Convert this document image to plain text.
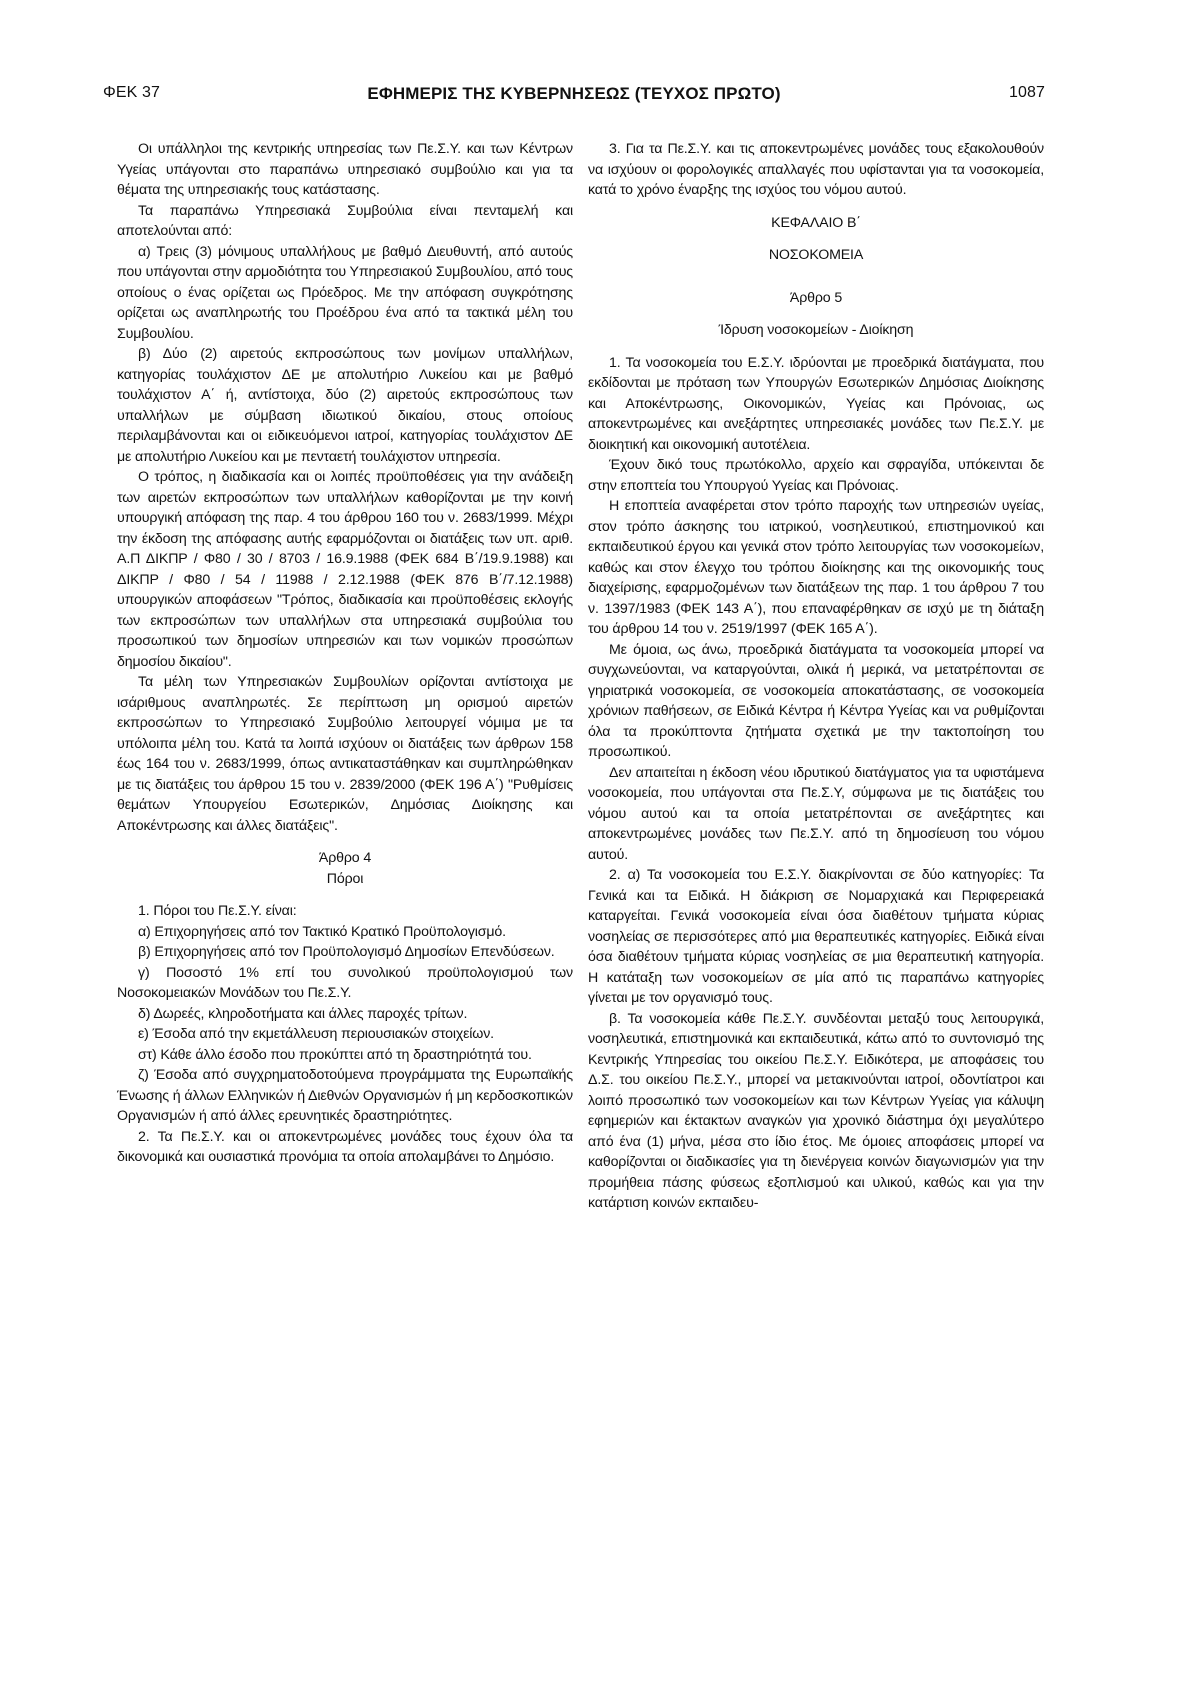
ΦΕΚ 37	ΕΦΗΜΕΡΙΣ ΤΗΣ ΚΥΒΕΡΝΗΣΕΩΣ (ΤΕΥΧΟΣ ΠΡΩΤΟ)	1087

Οι υπάλληλοι της κεντρικής υπηρεσίας των Πε.Σ.Υ. και των Κέντρων Υγείας υπάγονται στο παραπάνω υπηρεσιακό συμβούλιο και για τα θέματα της υπηρεσιακής τους κατάστασης.

Τα παραπάνω Υπηρεσιακά Συμβούλια είναι πενταμελή και αποτελούνται από:

α) Τρεις (3) μόνιμους υπαλλήλους με βαθμό Διευθυντή, από αυτούς που υπάγονται στην αρμοδιότητα του Υπηρεσιακού Συμβουλίου, από τους οποίους ο ένας ορίζεται ως Πρόεδρος. Με την απόφαση συγκρότησης ορίζεται ως αναπληρωτής του Προέδρου ένα από τα τακτικά μέλη του Συμβουλίου.

β) Δύο (2) αιρετούς εκπροσώπους των μονίμων υπαλλήλων, κατηγορίας τουλάχιστον ΔΕ με απολυτήριο Λυκείου και με βαθμό τουλάχιστον Α΄ ή, αντίστοιχα, δύο (2) αιρετούς εκπροσώπους των υπαλλήλων με σύμβαση ιδιωτικού δικαίου, στους οποίους περιλαμβάνονται και οι ειδικευόμενοι ιατροί, κατηγορίας τουλάχιστον ΔΕ με απολυτήριο Λυκείου και με πενταετή τουλάχιστον υπηρεσία.

Ο τρόπος, η διαδικασία και οι λοιπές προϋποθέσεις για την ανάδειξη των αιρετών εκπροσώπων των υπαλλήλων καθορίζονται με την κοινή υπουργική απόφαση της παρ. 4 του άρθρου 160 του ν. 2683/1999. Μέχρι την έκδοση της απόφασης αυτής εφαρμόζονται οι διατάξεις των υπ. αριθ. Α.Π ΔΙΚΠΡ / Φ80 / 30 / 8703 / 16.9.1988 (ΦΕΚ 684 Β΄/19.9.1988) και ΔΙΚΠΡ / Φ80 / 54 / 11988 / 2.12.1988 (ΦΕΚ 876 Β΄/7.12.1988) υπουργικών αποφάσεων "Τρόπος, διαδικασία και προϋποθέσεις εκλογής των εκπροσώπων των υπαλλήλων στα υπηρεσιακά συμβούλια του προσωπικού των δημοσίων υπηρεσιών και των νομικών προσώπων δημοσίου δικαίου".

Τα μέλη των Υπηρεσιακών Συμβουλίων ορίζονται αντίστοιχα με ισάριθμους αναπληρωτές. Σε περίπτωση μη ορισμού αιρετών εκπροσώπων το Υπηρεσιακό Συμβούλιο λειτουργεί νόμιμα με τα υπόλοιπα μέλη του. Κατά τα λοιπά ισχύουν οι διατάξεις των άρθρων 158 έως 164 του ν. 2683/1999, όπως αντικαταστάθηκαν και συμπληρώθηκαν με τις διατάξεις του άρθρου 15 του ν. 2839/2000 (ΦΕΚ 196 Α΄) "Ρυθμίσεις θεμάτων Υπουργείου Εσωτερικών, Δημόσιας Διοίκησης και Αποκέντρωσης και άλλες διατάξεις".

Άρθρο 4

Πόροι

1. Πόροι του Πε.Σ.Υ. είναι:

α) Επιχορηγήσεις από τον Τακτικό Κρατικό Προϋπολογισμό.

β) Επιχορηγήσεις από τον Προϋπολογισμό Δημοσίων Επενδύσεων.

γ) Ποσοστό 1% επί του συνολικού προϋπολογισμού των Νοσοκομειακών Μονάδων του Πε.Σ.Υ.

δ) Δωρεές, κληροδοτήματα και άλλες παροχές τρίτων.

ε) Έσοδα από την εκμετάλλευση περιουσιακών στοιχείων.

στ) Κάθε άλλο έσοδο που προκύπτει από τη δραστηριότητά του.

ζ) Έσοδα από συγχρηματοδοτούμενα προγράμματα της Ευρωπαϊκής Ένωσης ή άλλων Ελληνικών ή Διεθνών Οργανισμών ή μη κερδοσκοπικών Οργανισμών ή από άλλες ερευνητικές δραστηριότητες.

2. Τα Πε.Σ.Υ. και οι αποκεντρωμένες μονάδες τους έχουν όλα τα δικονομικά και ουσιαστικά προνόμια τα οποία απολαμβάνει το Δημόσιο.

3. Για τα Πε.Σ.Υ. και τις αποκεντρωμένες μονάδες τους εξακολουθούν να ισχύουν οι φορολογικές απαλλαγές που υφίστανται για τα νοσοκομεία, κατά το χρόνο έναρξης της ισχύος του νόμου αυτού.

ΚΕΦΑΛΑΙΟ Β΄

ΝΟΣΟΚΟΜΕΙΑ

Άρθρο 5

Ίδρυση νοσοκομείων - Διοίκηση

1. Τα νοσοκομεία του Ε.Σ.Υ. ιδρύονται με προεδρικά διατάγματα, που εκδίδονται με πρόταση των Υπουργών Εσωτερικών Δημόσιας Διοίκησης και Αποκέντρωσης, Οικονομικών, Υγείας και Πρόνοιας, ως αποκεντρωμένες και ανεξάρτητες υπηρεσιακές μονάδες των Πε.Σ.Υ. με διοικητική και οικονομική αυτοτέλεια.

Έχουν δικό τους πρωτόκολλο, αρχείο και σφραγίδα, υπόκεινται δε στην εποπτεία του Υπουργού Υγείας και Πρόνοιας.

Η εποπτεία αναφέρεται στον τρόπο παροχής των υπηρεσιών υγείας, στον τρόπο άσκησης του ιατρικού, νοσηλευτικού, επιστημονικού και εκπαιδευτικού έργου και γενικά στον τρόπο λειτουργίας των νοσοκομείων, καθώς και στον έλεγχο του τρόπου διοίκησης και της οικονομικής τους διαχείρισης, εφαρμοζομένων των διατάξεων της παρ. 1 του άρθρου 7 του ν. 1397/1983 (ΦΕΚ 143 Α΄), που επαναφέρθηκαν σε ισχύ με τη διάταξη του άρθρου 14 του ν. 2519/1997 (ΦΕΚ 165 Α΄).

Με όμοια, ως άνω, προεδρικά διατάγματα τα νοσοκομεία μπορεί να συγχωνεύονται, να καταργούνται, ολικά ή μερικά, να μετατρέπονται σε γηριατρικά νοσοκομεία, σε νοσοκομεία αποκατάστασης, σε νοσοκομεία χρόνιων παθήσεων, σε Ειδικά Κέντρα ή Κέντρα Υγείας και να ρυθμίζονται όλα τα προκύπτοντα ζητήματα σχετικά με την τακτοποίηση του προσωπικού.

Δεν απαιτείται η έκδοση νέου ιδρυτικού διατάγματος για τα υφιστάμενα νοσοκομεία, που υπάγονται στα Πε.Σ.Υ, σύμφωνα με τις διατάξεις του νόμου αυτού και τα οποία μετατρέπονται σε ανεξάρτητες και αποκεντρωμένες μονάδες των Πε.Σ.Υ. από τη δημοσίευση του νόμου αυτού.

2. α) Τα νοσοκομεία του Ε.Σ.Υ. διακρίνονται σε δύο κατηγορίες: Τα Γενικά και τα Ειδικά. Η διάκριση σε Νομαρχιακά και Περιφερειακά καταργείται. Γενικά νοσοκομεία είναι όσα διαθέτουν τμήματα κύριας νοσηλείας σε περισσότερες από μια θεραπευτικές κατηγορίες. Ειδικά είναι όσα διαθέτουν τμήματα κύριας νοσηλείας σε μια θεραπευτική κατηγορία. Η κατάταξη των νοσοκομείων σε μία από τις παραπάνω κατηγορίες γίνεται με τον οργανισμό τους.

β. Τα νοσοκομεία κάθε Πε.Σ.Υ. συνδέονται μεταξύ τους λειτουργικά, νοσηλευτικά, επιστημονικά και εκπαιδευτικά, κάτω από το συντονισμό της Κεντρικής Υπηρεσίας του οικείου Πε.Σ.Υ. Ειδικότερα, με αποφάσεις του Δ.Σ. του οικείου Πε.Σ.Υ., μπορεί να μετακινούνται ιατροί, οδοντίατροι και λοιπό προσωπικό των νοσοκομείων και των Κέντρων Υγείας για κάλυψη εφημεριών και έκτακτων αναγκών για χρονικό διάστημα όχι μεγαλύτερο από ένα (1) μήνα, μέσα στο ίδιο έτος. Με όμοιες αποφάσεις μπορεί να καθορίζονται οι διαδικασίες για τη διενέργεια κοινών διαγωνισμών για την προμήθεια πάσης φύσεως εξοπλισμού και υλικού, καθώς και για την κατάρτιση κοινών εκπαιδευ-
